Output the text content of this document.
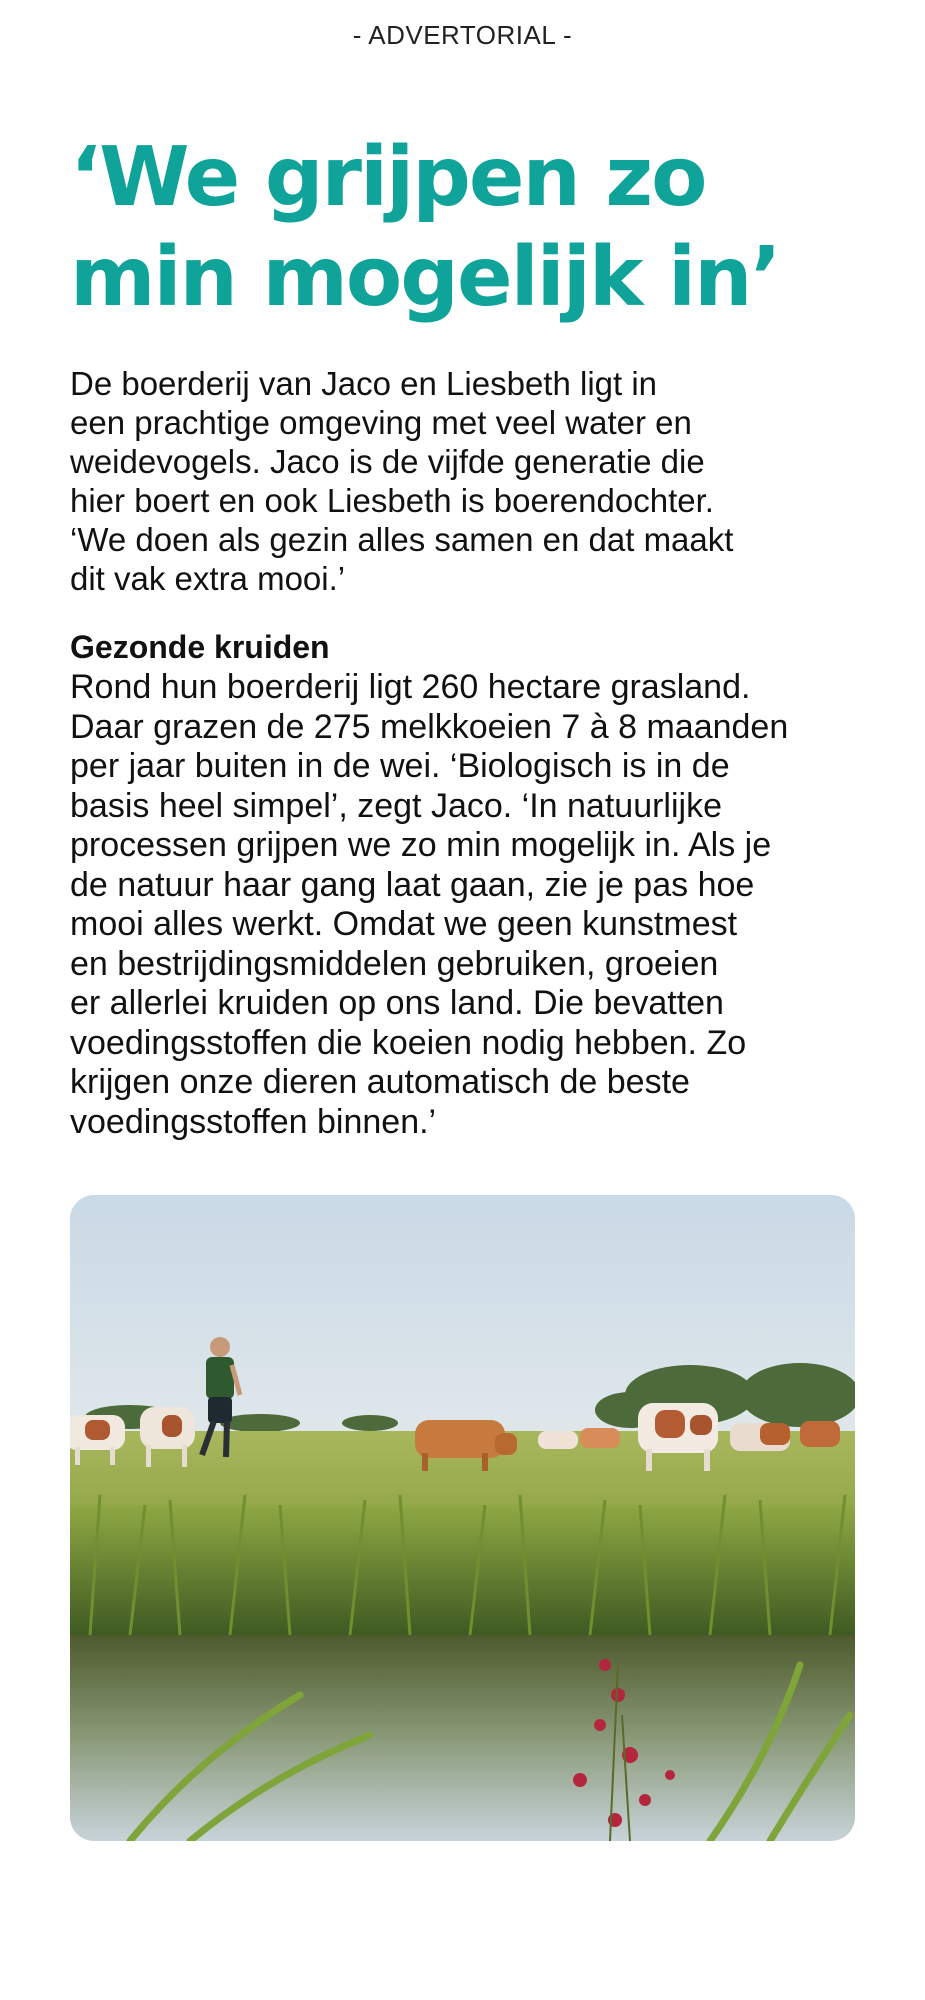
- ADVERTORIAL -
‘We grijpen zo
min mogelijk in’

De boerderij van Jaco en Liesbeth ligt in
een prachtige omgeving met veel water en
weidevogels. Jaco is de vijfde generatie die
hier boert en ook Liesbeth is boerendochter.
‘We doen als gezin alles samen en dat maakt
dit vak extra mooi.’

Gezonde kruiden

Rond hun boerderij ligt 260 hectare grasland.
Daar grazen de 275 melkkoeien 7 à 8 maanden
per jaar buiten in de wei. ‘Biologisch is in de
basis heel simpel’, zegt Jaco. ‘In natuurlijke
processen grijpen we zo min mogelijk in. Als je
de natuur haar gang laat gaan, zie je pas hoe
mooi alles werkt. Omdat we geen kunstmest
en bestrijdingsmiddelen gebruiken, groeien
er allerlei kruiden op ons land. Die bevatten
voedingsstoffen die koeien nodig hebben. Zo
krijgen onze dieren automatisch de beste
voedingsstoffen binnen.’
